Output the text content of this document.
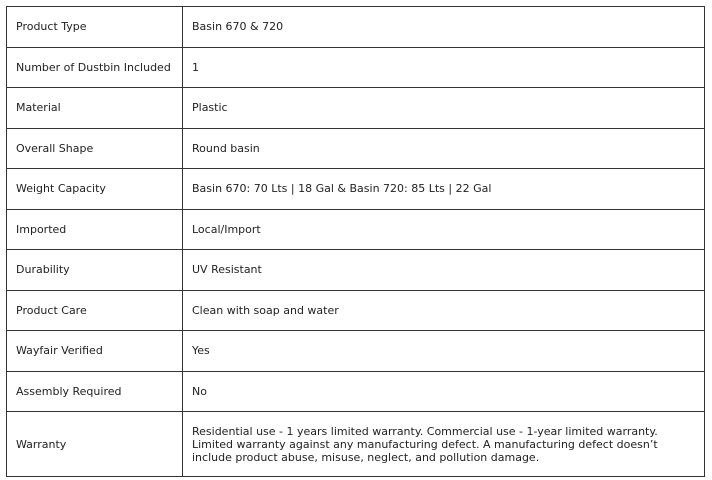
Product Type	Basin 670 & 720
Number of Dustbin Included	1
Material	Plastic
Overall Shape	Round basin
Weight Capacity	Basin 670: 70 Lts | 18 Gal & Basin 720: 85 Lts | 22 Gal
Imported	Local/Import
Durability	UV Resistant
Product Care	Clean with soap and water
Wayfair Verified	Yes
Assembly Required	No
Warranty	Residential use - 1 years limited warranty. Commercial use - 1-year limited warranty. Limited warranty against any manufacturing defect. A manufacturing defect doesn’t include product abuse, misuse, neglect, and pollution damage.
